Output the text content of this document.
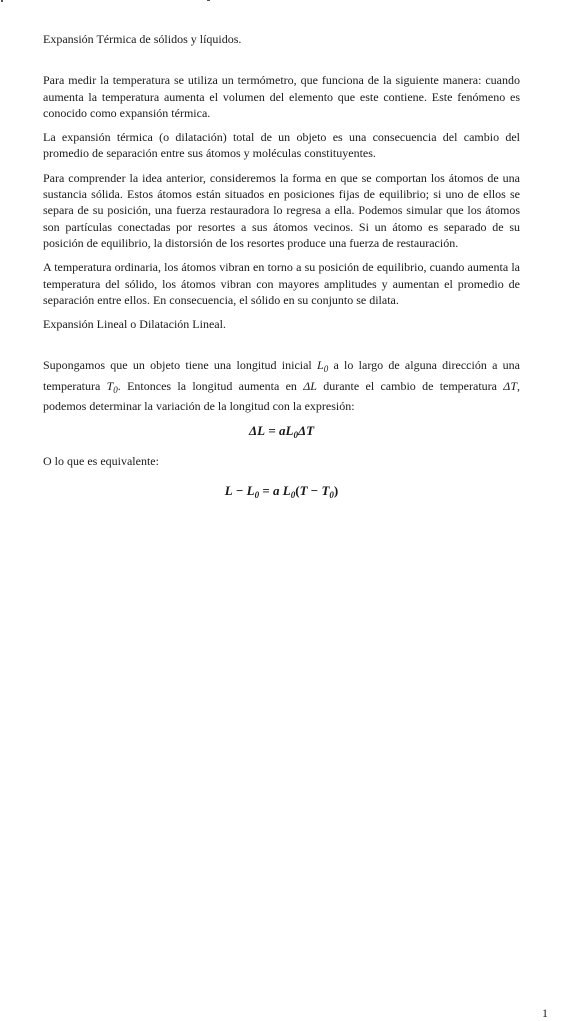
Expansión Térmica de sólidos y líquidos.

Para medir la temperatura se utiliza un termómetro, que funciona de la siguiente manera: cuando aumenta la temperatura aumenta el volumen del elemento que este contiene. Este fenómeno es conocido como expansión térmica.

La expansión térmica (o dilatación) total de un objeto es una consecuencia del cambio del promedio de separación entre sus átomos y moléculas constituyentes.

Para comprender la idea anterior, consideremos la forma en que se comportan los átomos de una sustancia sólida. Estos átomos están situados en posiciones fijas de equilibrio; si uno de ellos se separa de su posición, una fuerza restauradora lo regresa a ella. Podemos simular que los átomos son partículas conectadas por resortes a sus átomos vecinos. Si un átomo es separado de su posición de equilibrio, la distorsión de los resortes produce una fuerza de restauración.

A temperatura ordinaria, los átomos vibran en torno a su posición de equilibrio, cuando aumenta la temperatura del sólido, los átomos vibran con mayores amplitudes y aumentan el promedio de separación entre ellos. En consecuencia, el sólido en su conjunto se dilata.

Expansión Lineal o Dilatación Lineal.

Supongamos que un objeto tiene una longitud inicial $L_0$ a lo largo de alguna dirección a una temperatura $T_0$. Entonces la longitud aumenta en ΔL durante el cambio de temperatura ΔT, podemos determinar la variación de la longitud con la expresión:

$\Delta L = aL_0\Delta T$

O lo que es equivalente:

$L - L_0 = a$ $L_0(T - T_0)$
1
